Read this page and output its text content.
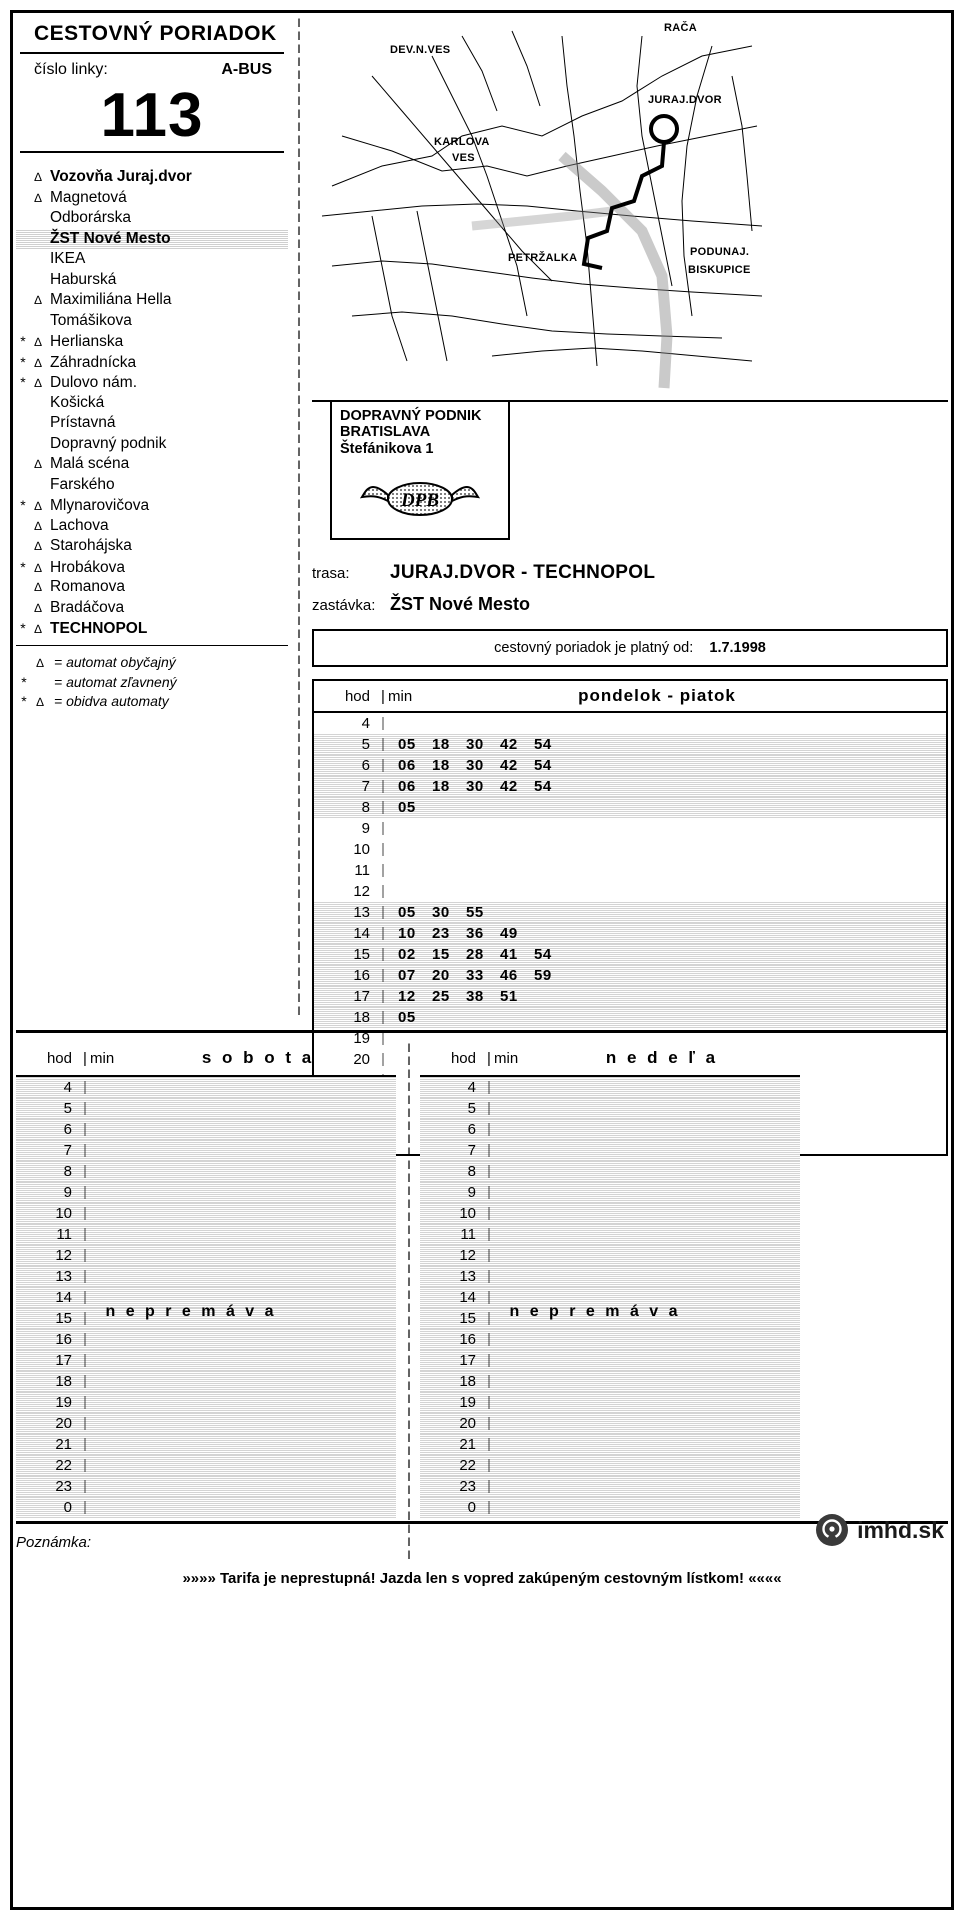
CESTOVNÝ PORIADOK
číslo linky:	A-BUS
113
∆ Vozovňa Juraj.dvor
∆ Magnetová
Odborárska
ŽST Nové Mesto
IKEA
Haburská
∆ Maximiliána Hella
Tomášikova
* ∆ Herlianska
* ∆ Záhradnícka
* ∆ Dulovo nám.
Košická
Prístavná
Dopravný podnik
∆ Malá scéna
Farského
* ∆ Mlynarovičova
∆ Lachova
∆ Starohájska
* ∆ Hrobákova
∆ Romanova
∆ Bradáčova
* ∆ TECHNOPOL
∆ = automat obyčajný
*	= automat zľavnený
* ∆ = obidva automaty
‖
‖
‖
‖
‖
‖
‖
‖
‖
‖
‖
‖
‖
‖
‖
‖
‖
‖
‖
‖
‖
‖
‖
‖
‖
‖
‖
‖
‖
‖
‖
‖
‖
‖
‖
‖
‖
‖
‖
‖
‖
‖
‖
‖
‖
‖
‖
‖
‖
‖
‖
‖
‖
‖
‖
‖
‖
‖
‖
‖
‖
‖
‖
‖
‖
‖
‖
‖
‖
‖
‖
‖
‖
‖
‖
‖
‖

RAČA
DEV.N.VES
JURAJ.DVOR
KARLOVA
VES
PETRŽALKA	PODUNAJ.
BISKUPICE
DOPRAVNÝ PODNIK
BRATISLAVA
Štefánikova 1
DPB
trasa:	JURAJ.DVOR - TECHNOPOL
zastávka: ŽST Nové Mesto
cestovný poriadok je platný od: 1.7.1998
hod | min	pondelok - piatok
4 |
5 | 05 18 30 42 54
6 | 06 18 30 42 54
7 | 06 18 30 42 54
8 | 05
9 |
10 |
11 |
12 |
13 | 05 30 55
14 | 10 23 36 49
15 | 02 15 28 41 54
16 | 07 20 33 46 59
17 | 12 25 38 51
18 | 05
19 |
20 |
hod | min	s o b o t a
4 |
5 |
6 |
7 |
8 |
9 |
10 |
11 |
12 |
13 |
14 |
15 |
16 |
17 |
18 |
19 |
20 |
21 |
22 |
23 |
0 |
n e p r e m á v a
‖
‖
‖
‖
‖
‖
‖
‖
‖
‖
‖
‖
‖
‖
‖
‖
‖
‖
‖
‖
‖
‖
‖
‖
‖
‖
‖
‖
‖
‖
‖
‖
‖
‖
‖
‖
‖
‖
‖
‖

hod | min	n e d e ľ a
4 |
5 |
6 |
7 |
8 |
9 |
10 |
11 |
12 |
13 |
14 |
15 |
16 |
17 |
18 |
19 |
20 |
21 |
22 |
23 |
0 |
n e p r e m á v a
Poznámka:	imhd.sk
»»»» Tarifa je neprestupná! Jazda len s vopred zakúpeným cestovným lístkom! ««««
